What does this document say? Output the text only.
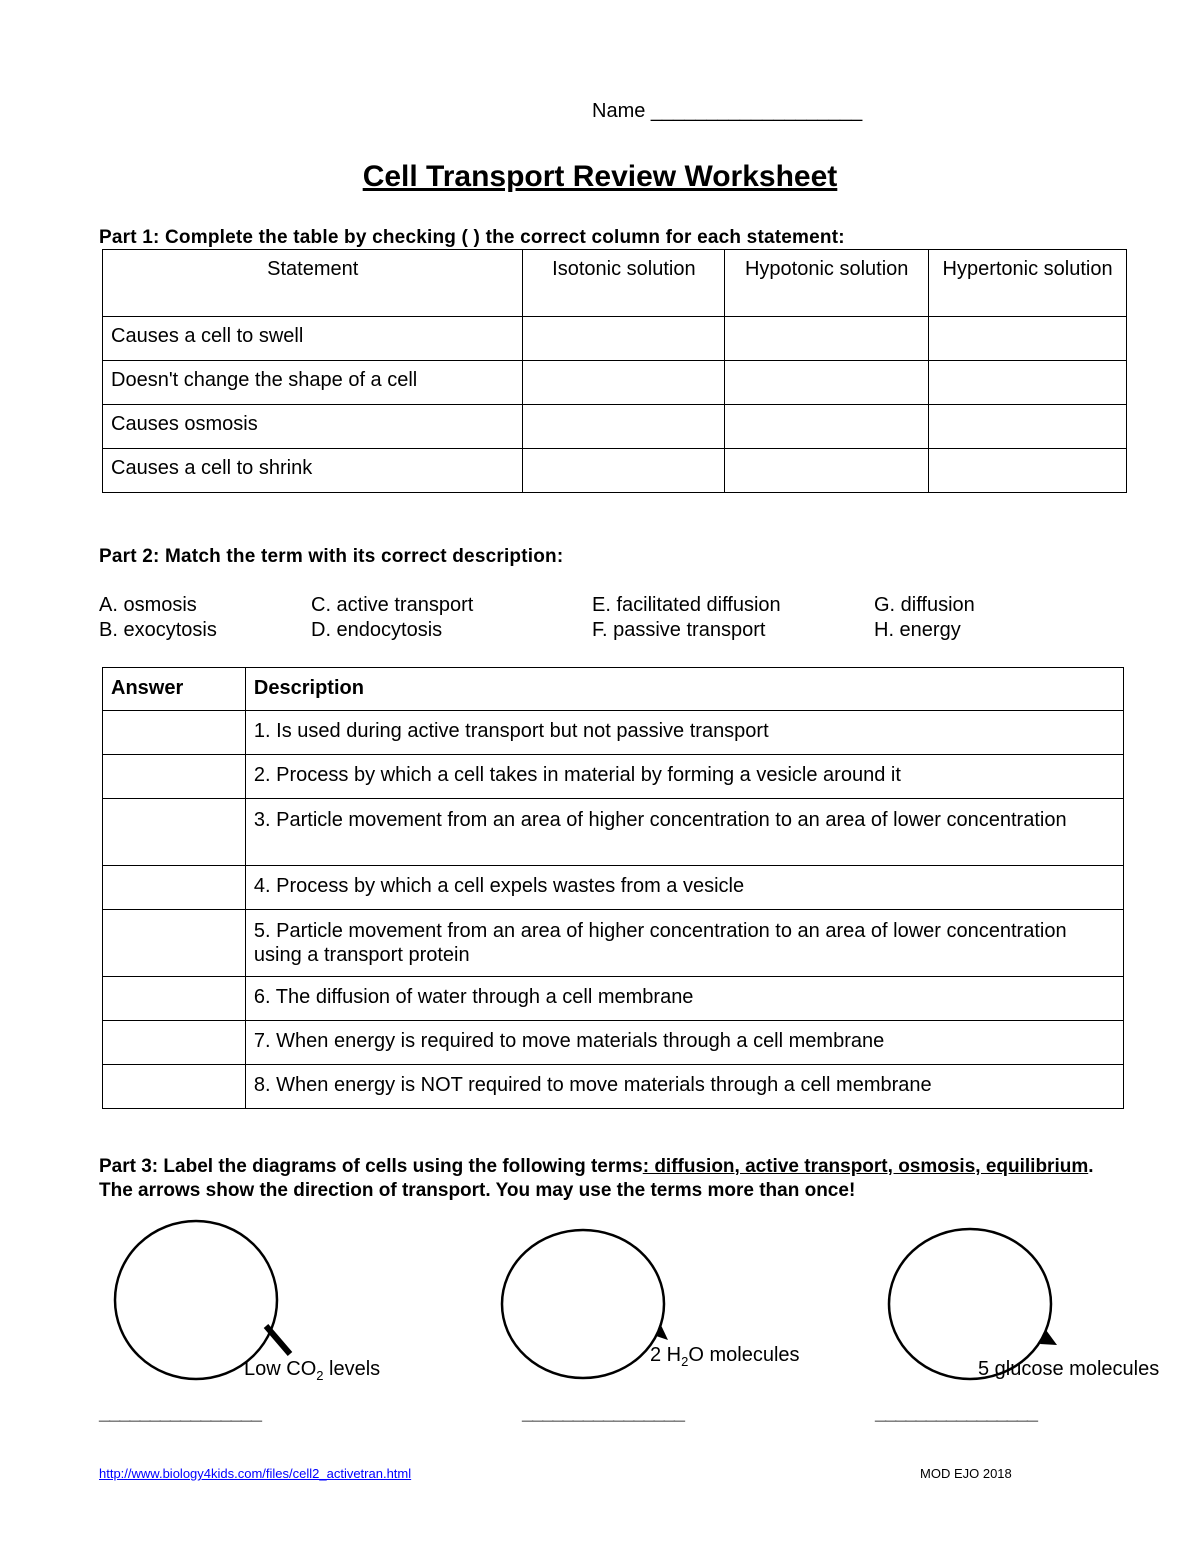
Name ___________________
Cell Transport Review Worksheet
Part 1: Complete the table by checking ( ) the correct column for each statement:
Statement	Isotonic solution	Hypotonic solution	Hypertonic solution
Causes a cell to swell			
Doesn't change the shape of a cell			
Causes osmosis			
Causes a cell to shrink			
Part 2: Match the term with its correct description:
A. osmosis
B. exocytosis
C. active transport
D. endocytosis
E. facilitated diffusion
F. passive transport
G. diffusion
H. energy
Answer	Description
	1. Is used during active transport but not passive transport
	2. Process by which a cell takes in material by forming a vesicle around it
	3. Particle movement from an area of higher concentration to an area of lower concentration
	4. Process by which a cell expels wastes from a vesicle
	5. Particle movement from an area of higher concentration to an area of lower concentration using a transport protein
	6. The diffusion of water through a cell membrane
	7. When energy is required to move materials through a cell membrane
	8. When energy is NOT required to move materials through a cell membrane
Part 3: Label the diagrams of cells using the following terms: diffusion, active transport, osmosis, equilibrium. The arrows show the direction of transport. You may use the terms more than once!
Low $CO_2$ levels
2 $H_2O$ molecules
5 glucose molecules
________________	________________	________________
http://www.biology4kids.com/files/cell2_activetran.html	MOD EJO 2018
